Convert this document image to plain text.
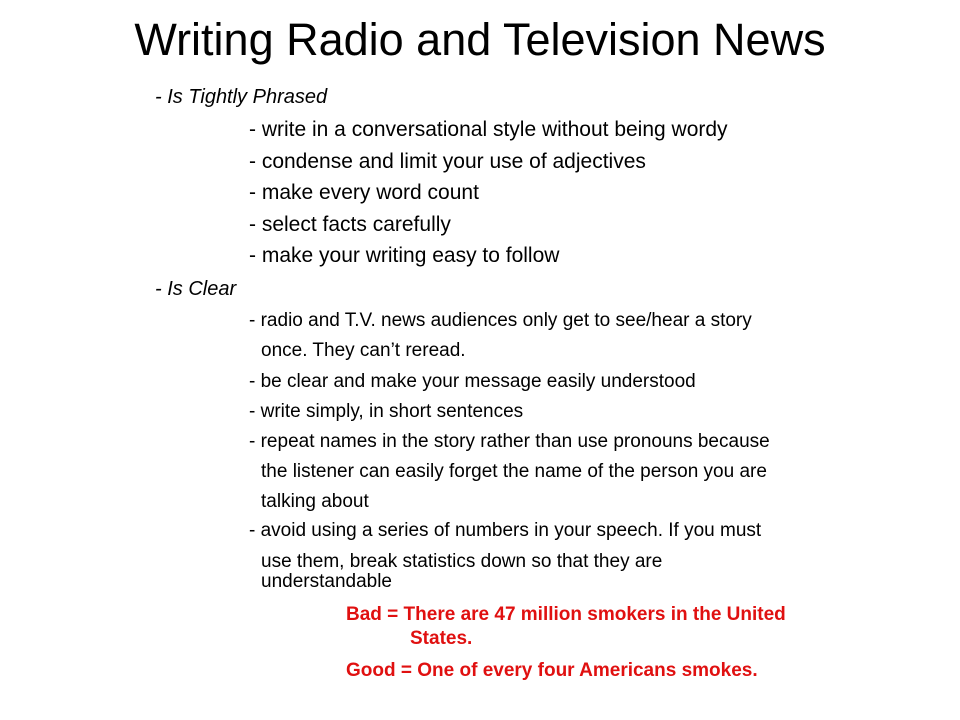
Writing Radio and Television News
- Is Tightly Phrased
- write in a conversational style without being wordy
- condense and limit your use of adjectives
- make every word count
- select facts carefully
- make your writing easy to follow
- Is Clear
- radio and T.V. news audiences only get to see/hear a story
once. They can’t reread.
- be clear and make your message easily understood
- write simply, in short sentences
- repeat names in the story rather than use pronouns because
the listener can easily forget the name of the person you are
talking about
- avoid using a series of numbers in your speech. If you must
use them, break statistics down so that they are
understandable
Bad = There are 47 million smokers in the United
States.
Good = One of every four Americans smokes.
